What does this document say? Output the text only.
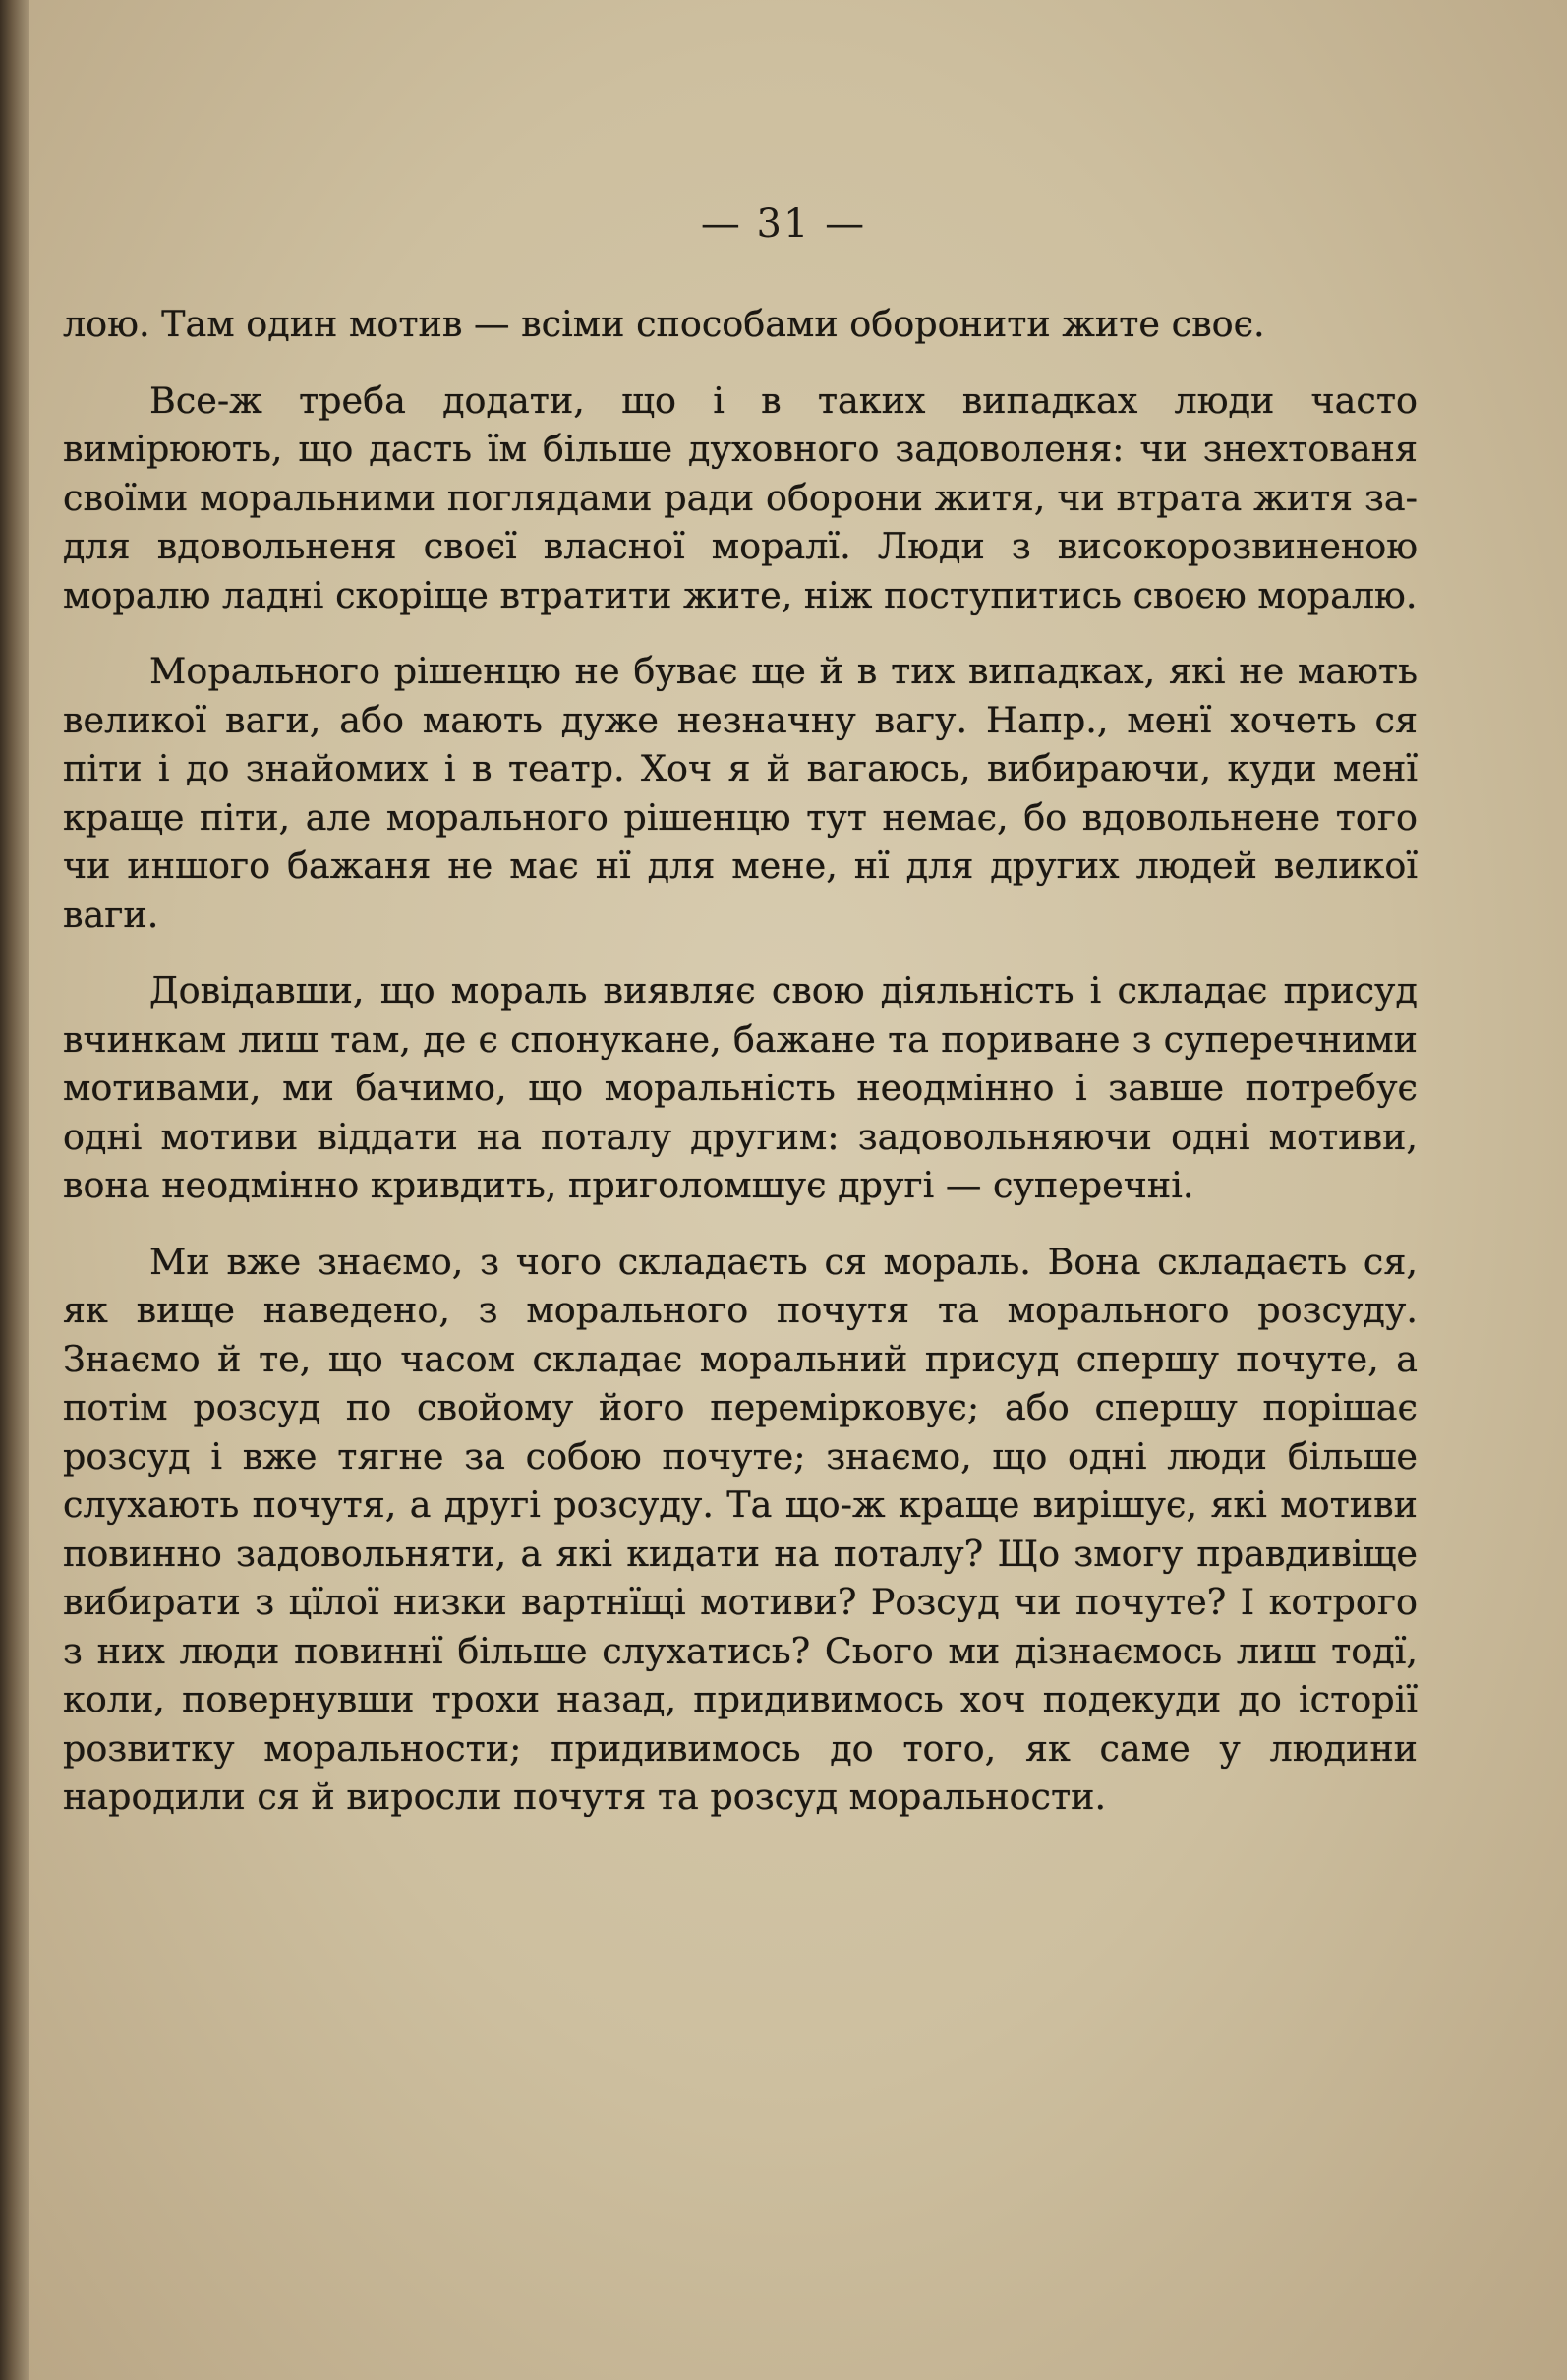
— 31 —

лою. Там один мотив — всіми способами оборонити жите своє.

Все-ж треба додати, що і в таких випадках люди часто вимірюють, що дасть їм більше духовного задоволеня: чи знехтованя своїми моральними поглядами ради оборони житя, чи втрата житя за-для вдовольненя своєї власної моралї. Люди з високорозвиненою моралю ладні скоріще втратити жите, ніж поступитись своєю моралю.

Морального рішенцю не буває ще й в тих випадках, які не мають великої ваги, або мають дуже незначну вагу. Напр., менї хочеть ся піти і до знайомих і в театр. Хоч я й вагаюсь, вибираючи, куди менї краще піти, але морального рішенцю тут немає, бо вдовольнене того чи иншого бажаня не має нї для мене, нї для других людей великої ваги.

Довідавши, що мораль виявляє свою діяльність і складає присуд вчинкам лиш там, де є спонукане, бажане та пориване з суперечними мотивами, ми бачимо, що моральність неодмінно і завше потребує одні мотиви віддати на поталу другим: задовольняючи одні мотиви, вона неодмінно кривдить, приголомшує другі — суперечні.

Ми вже знаємо, з чого складаєть ся мораль. Вона складаєть ся, як вище наведено, з морального почутя та морального розсуду. Знаємо й те, що часом складає моральний присуд спершу почуте, а потім розсуд по свойому його перемірковує; або спершу порішає розсуд і вже тягне за собою почуте; знаємо, що одні люди більше слухають почутя, а другі розсуду. Та що-ж краще вирішує, які мотиви повинно задовольняти, а які кидати на поталу? Що змогу правдивіще вибирати з цїлої низки вартнїщі мотиви? Розсуд чи почуте? І котрого з них люди повиннї більше слухатись? Сього ми дізнаємось лиш тодї, коли, повернувши трохи назад, придивимось хоч подекуди до історії розвитку моральности; придивимось до того, як саме у людини народили ся й виросли почутя та розсуд моральности.
